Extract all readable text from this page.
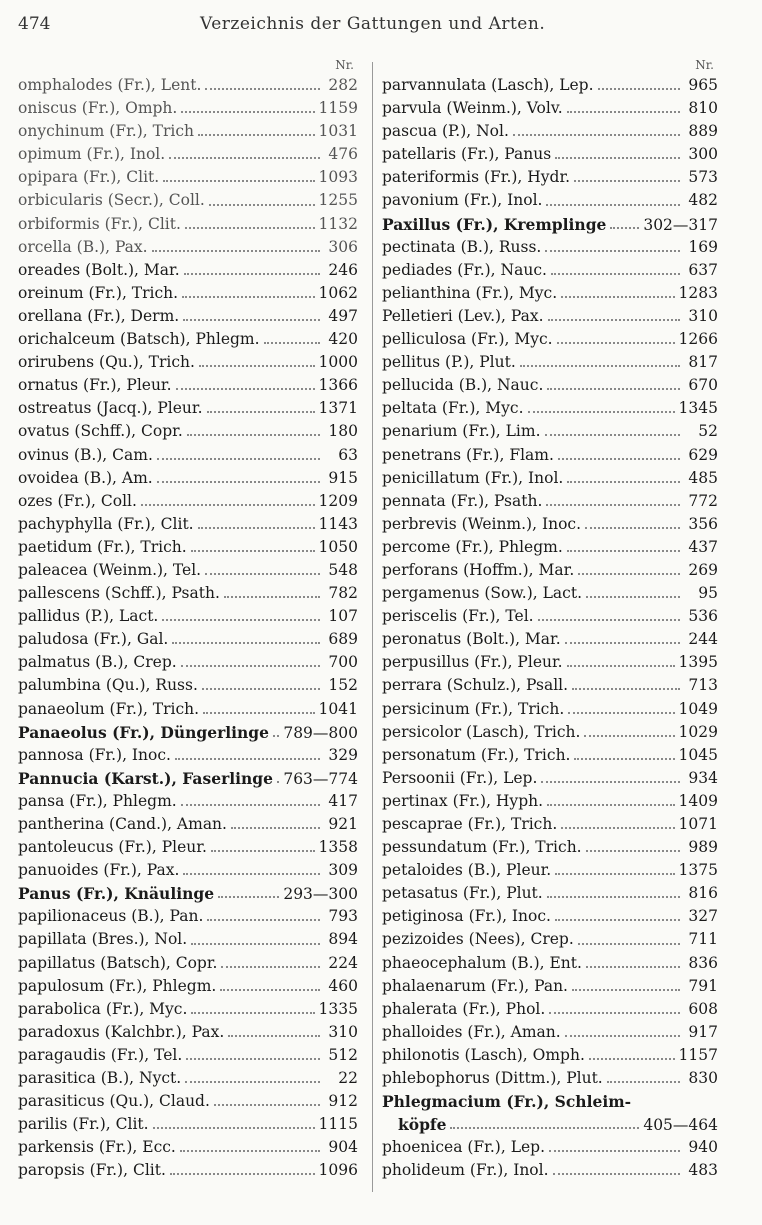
474	Verzeichnis der Gattungen und Arten.
Nr.
omphalodes (Fr.), Lent.	282
oniscus (Fr.), Omph.	1159
onychinum (Fr.), Trich	1031
opimum (Fr.), Inol.	476
opipara (Fr.), Clit.	1093
orbicularis (Secr.), Coll.	1255
orbiformis (Fr.), Clit.	1132
orcella (B.), Pax.	306
oreades (Bolt.), Mar.	246
oreinum (Fr.), Trich.	1062
orellana (Fr.), Derm.	497
orichalceum (Batsch), Phlegm.	420
orirubens (Qu.), Trich.	1000
ornatus (Fr.), Pleur.	1366
ostreatus (Jacq.), Pleur.	1371
ovatus (Schff.), Copr.	180
ovinus (B.), Cam.	63
ovoidea (B.), Am.	915
ozes (Fr.), Coll.	1209
pachyphylla (Fr.), Clit.	1143
paetidum (Fr.), Trich.	1050
paleacea (Weinm.), Tel.	548
pallescens (Schff.), Psath.	782
pallidus (P.), Lact.	107
paludosa (Fr.), Gal.	689
palmatus (B.), Crep.	700
palumbina (Qu.), Russ.	152
panaeolum (Fr.), Trich.	1041
Panaeolus (Fr.), Düngerlinge 789—800
pannosa (Fr.), Inoc.	329
Pannucia (Karst.), Faserlinge 763—774
pansa (Fr.), Phlegm.	417
pantherina (Cand.), Aman.	921
pantoleucus (Fr.), Pleur.	1358
panuoides (Fr.), Pax.	309
Panus (Fr.), Knäulinge	293—300
papilionaceus (B.), Pan.	793
papillata (Bres.), Nol.	894
papillatus (Batsch), Copr.	224
papulosum (Fr.), Phlegm.	460
parabolica (Fr.), Myc.	1335
paradoxus (Kalchbr.), Pax.	310
paragaudis (Fr.), Tel.	512
parasitica (B.), Nyct.	22
parasiticus (Qu.), Claud.	912
parilis (Fr.), Clit.	1115
parkensis (Fr.), Ecc.	904
paropsis (Fr.), Clit.	1096
Nr.
parvannulata (Lasch), Lep.	965
parvula (Weinm.), Volv.	810
pascua (P.), Nol.	889
patellaris (Fr.), Panus	300
pateriformis (Fr.), Hydr.	573
pavonium (Fr.), Inol.	482
Paxillus (Fr.), Kremplinge 302—317
pectinata (B.), Russ.	169
pediades (Fr.), Nauc.	637
pelianthina (Fr.), Myc.	1283
Pelletieri (Lev.), Pax.	310
pelliculosa (Fr.), Myc.	1266
pellitus (P.), Plut.	817
pellucida (B.), Nauc.	670
peltata (Fr.), Myc.	1345
penarium (Fr.), Lim.	52
penetrans (Fr.), Flam.	629
penicillatum (Fr.), Inol.	485
pennata (Fr.), Psath.	772
perbrevis (Weinm.), Inoc.	356
percome (Fr.), Phlegm.	437
perforans (Hoffm.), Mar.	269
pergamenus (Sow.), Lact.	95
periscelis (Fr.), Tel.	536
peronatus (Bolt.), Mar.	244
perpusillus (Fr.), Pleur.	1395
perrara (Schulz.), Psall.	713
persicinum (Fr.), Trich.	1049
persicolor (Lasch), Trich.	1029
personatum (Fr.), Trich.	1045
Persoonii (Fr.), Lep.	934
pertinax (Fr.), Hyph.	1409
pescaprae (Fr.), Trich.	1071
pessundatum (Fr.), Trich.	989
petaloides (B.), Pleur.	1375
petasatus (Fr.), Plut.	816
petiginosa (Fr.), Inoc.	327
pezizoides (Nees), Crep.	711
phaeocephalum (B.), Ent.	836
phalaenarum (Fr.), Pan.	791
phalerata (Fr.), Phol.	608
phalloides (Fr.), Aman.	917
philonotis (Lasch), Omph.	1157
phlebophorus (Dittm.), Plut.	830
Phlegmacium (Fr.), Schleim-
köpfe	405—464
phoenicea (Fr.), Lep.	940
pholideum (Fr.), Inol.	483
